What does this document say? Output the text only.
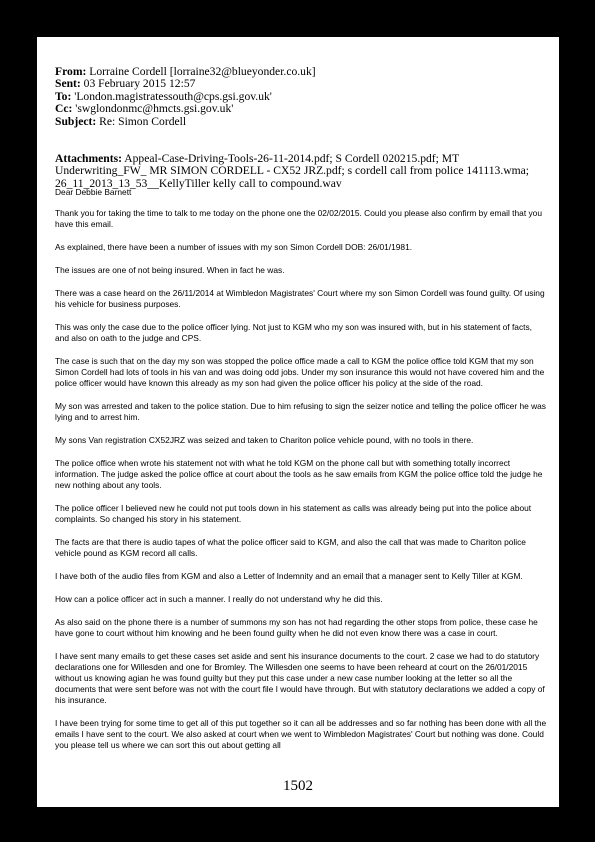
From: Lorraine Cordell [lorraine32@blueyonder.co.uk]
Sent: 03 February 2015 12:57
To: 'London.magistratessouth@cps.gsi.gov.uk'
Cc: 'swglondonmc@hmcts.gsi.gov.uk'
Subject: Re: Simon Cordell
Attachments: Appeal-Case-Driving-Tools-26-11-2014.pdf; S Cordell 020215.pdf; MT Underwriting_FW_ MR SIMON CORDELL - CX52 JRZ.pdf; s cordell call from police 141113.wma; 26_11_2013_13_53__KellyTiller kelly call to compound.wav
Dear Debbie Barnett

Thank you for taking the time to talk to me today on the phone one the 02/02/2015. Could you please also confirm by email that you have this email.

As explained, there have been a number of issues with my son Simon Cordell DOB: 26/01/1981.

The issues are one of not being insured. When in fact he was.

There was a case heard on the 26/11/2014 at Wimbledon Magistrates' Court where my son Simon Cordell was found guilty. Of using his vehicle for business purposes.

This was only the case due to the police officer lying. Not just to KGM who my son was insured with, but in his statement of facts, and also on oath to the judge and CPS.

The case is such that on the day my son was stopped the police office made a call to KGM the police office told KGM that my son Simon Cordell had lots of tools in his van and was doing odd jobs. Under my son insurance this would not have covered him and the police officer would have known this already as my son had given the police officer his policy at the side of the road.

My son was arrested and taken to the police station. Due to him refusing to sign the seizer notice and telling the police officer he was lying and to arrest him.

My sons Van registration CX52JRZ was seized and taken to Chariton police vehicle pound, with no tools in there.

The police office when wrote his statement not with what he told KGM on the phone call but with something totally incorrect information. The judge asked the police office at court about the tools as he saw emails from KGM the police office told the judge he new nothing about any tools.

The police officer I believed new he could not put tools down in his statement as calls was already being put into the police about complaints. So changed his story in his statement.

The facts are that there is audio tapes of what the police officer said to KGM, and also the call that was made to Chariton police vehicle pound as KGM record all calls.

I have both of the audio files from KGM and also a Letter of Indemnity and an email that a manager sent to Kelly Tiller at KGM.

How can a police officer act in such a manner. I really do not understand why he did this.

As also said on the phone there is a number of summons my son has not had regarding the other stops from police, these case he have gone to court without him knowing and he been found guilty when he did not even know there was a case in court.

I have sent many emails to get these cases set aside and sent his insurance documents to the court. 2 case we had to do statutory declarations one for Willesden and one for Bromley. The Willesden one seems to have been reheard at court on the 26/01/2015 without us knowing agian he was found guilty but they put this case under a new case number looking at the letter so all the documents that were sent before was not with the court file I would have through. But with statutory declarations we added a copy of his insurance.

I have been trying for some time to get all of this put together so it can all be addresses and so far nothing has been done with all the emails I have sent to the court. We also asked at court when we went to Wimbledon Magistrates' Court but nothing was done. Could you please tell us where we can sort this out about getting all

1502
